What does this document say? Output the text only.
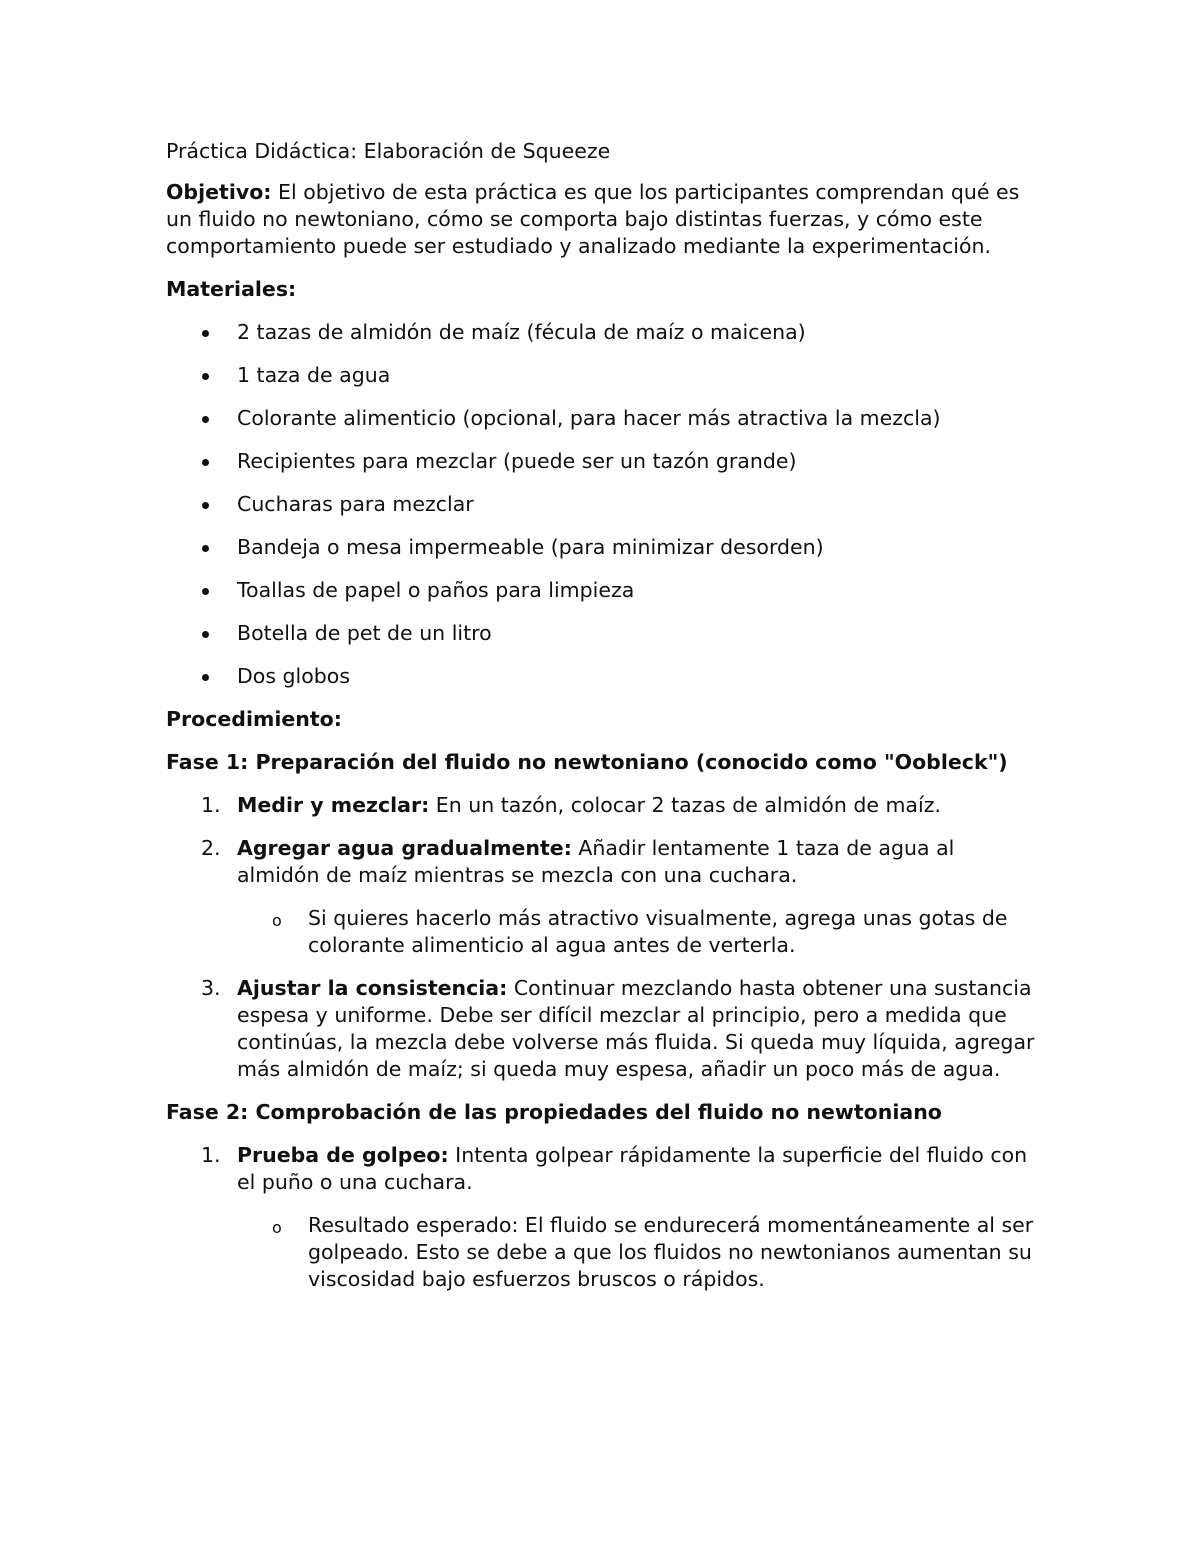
Práctica Didáctica: Elaboración de Squeeze
Objetivo: El objetivo de esta práctica es que los participantes comprendan qué es un fluido no newtoniano, cómo se comporta bajo distintas fuerzas, y cómo este comportamiento puede ser estudiado y analizado mediante la experimentación.
Materiales:
2 tazas de almidón de maíz (fécula de maíz o maicena)
1 taza de agua
Colorante alimenticio (opcional, para hacer más atractiva la mezcla)
Recipientes para mezclar (puede ser un tazón grande)
Cucharas para mezclar
Bandeja o mesa impermeable (para minimizar desorden)
Toallas de papel o paños para limpieza
Botella de pet de un litro
Dos globos
Procedimiento:
Fase 1: Preparación del fluido no newtoniano (conocido como "Oobleck")
1. Medir y mezclar: En un tazón, colocar 2 tazas de almidón de maíz.
2. Agregar agua gradualmente: Añadir lentamente 1 taza de agua al almidón de maíz mientras se mezcla con una cuchara.
o Si quieres hacerlo más atractivo visualmente, agrega unas gotas de colorante alimenticio al agua antes de verterla.
3. Ajustar la consistencia: Continuar mezclando hasta obtener una sustancia espesa y uniforme. Debe ser difícil mezclar al principio, pero a medida que continúas, la mezcla debe volverse más fluida. Si queda muy líquida, agregar más almidón de maíz; si queda muy espesa, añadir un poco más de agua.
Fase 2: Comprobación de las propiedades del fluido no newtoniano
1. Prueba de golpeo: Intenta golpear rápidamente la superficie del fluido con el puño o una cuchara.
o Resultado esperado: El fluido se endurecerá momentáneamente al ser golpeado. Esto se debe a que los fluidos no newtonianos aumentan su viscosidad bajo esfuerzos bruscos o rápidos.
